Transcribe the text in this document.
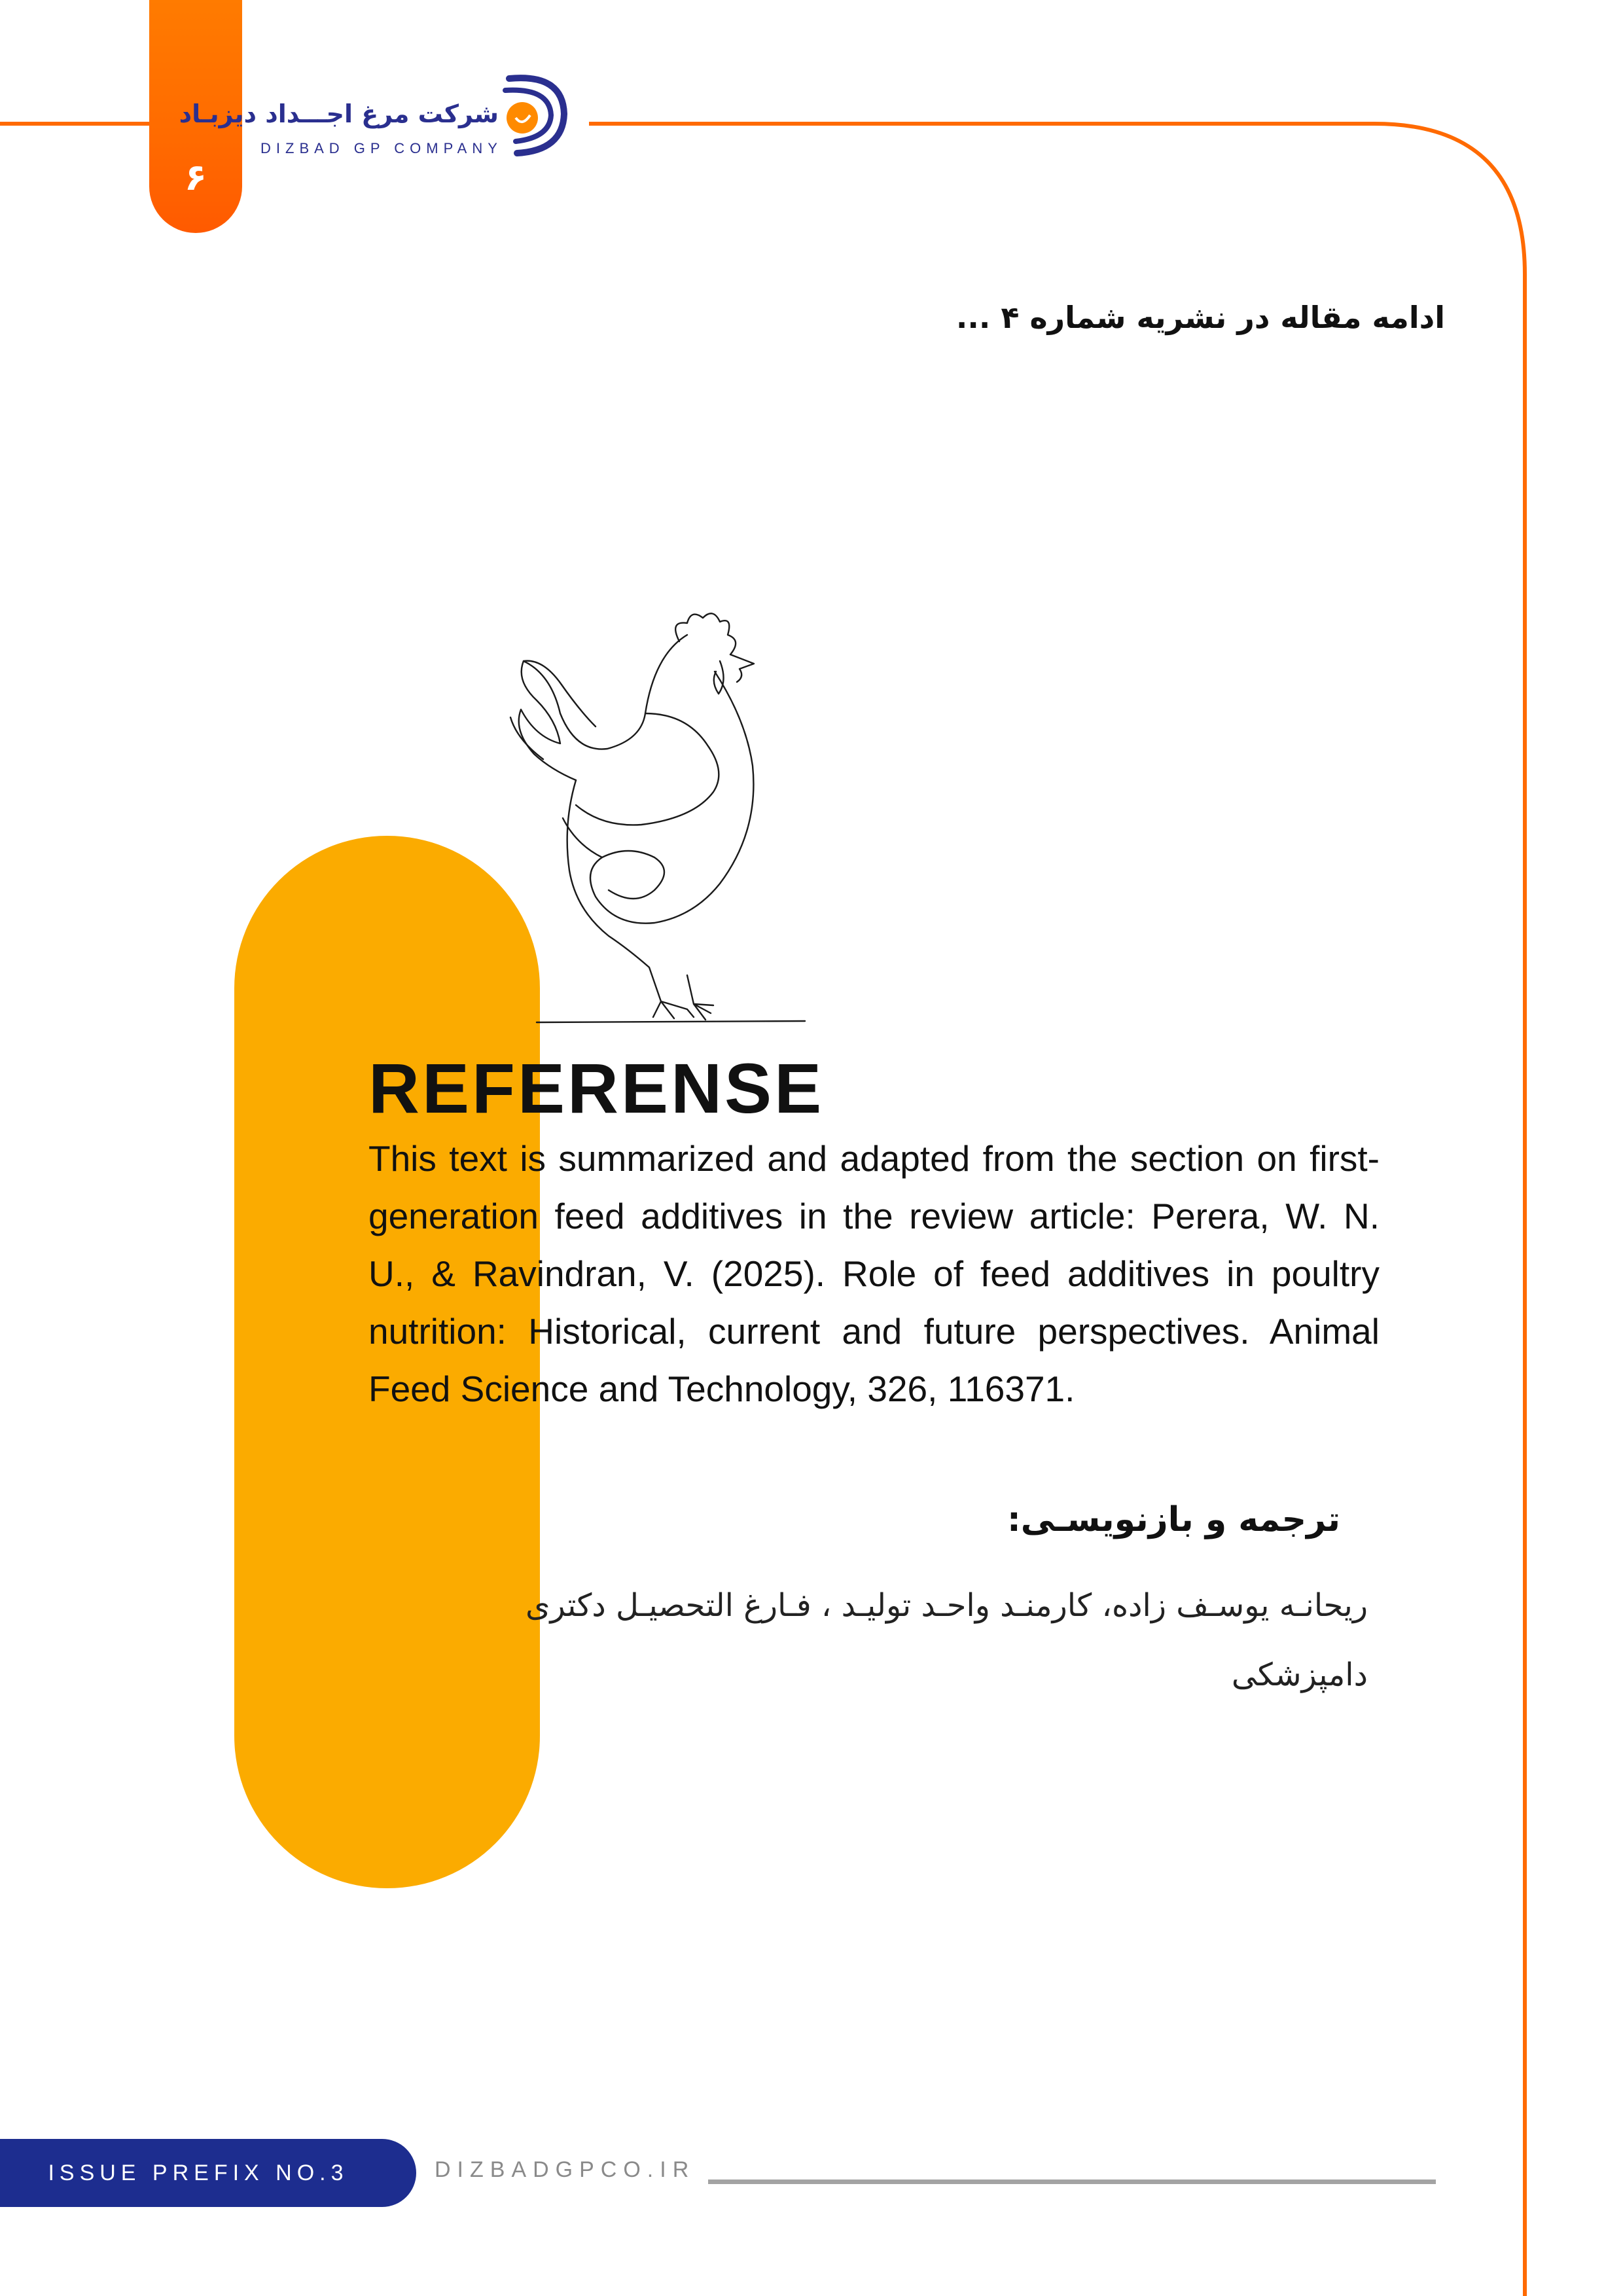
۶
شرکت مرغ اجـــداد دیزبـاد
DIZBAD GP COMPANY
ادامه مقاله در نشریه شماره ۴ ...
REFERENSE
This text is summarized and adapted from the section on first-generation feed additives in the review article: Perera, W. N. U., & Ravindran, V. (2025). Role of feed additives in poultry nutrition: Historical, current and future perspectives. Animal Feed Science and Technology, 326, 116371.
ترجمه و بازنویسـی:
ریحانـه یوسـف زاده، کارمنـد واحـد تولیـد ، فـارغ التحصیـل دکتری دامپزشکی
ISSUE PREFIX NO.3	DIZBADGPCO.IR
